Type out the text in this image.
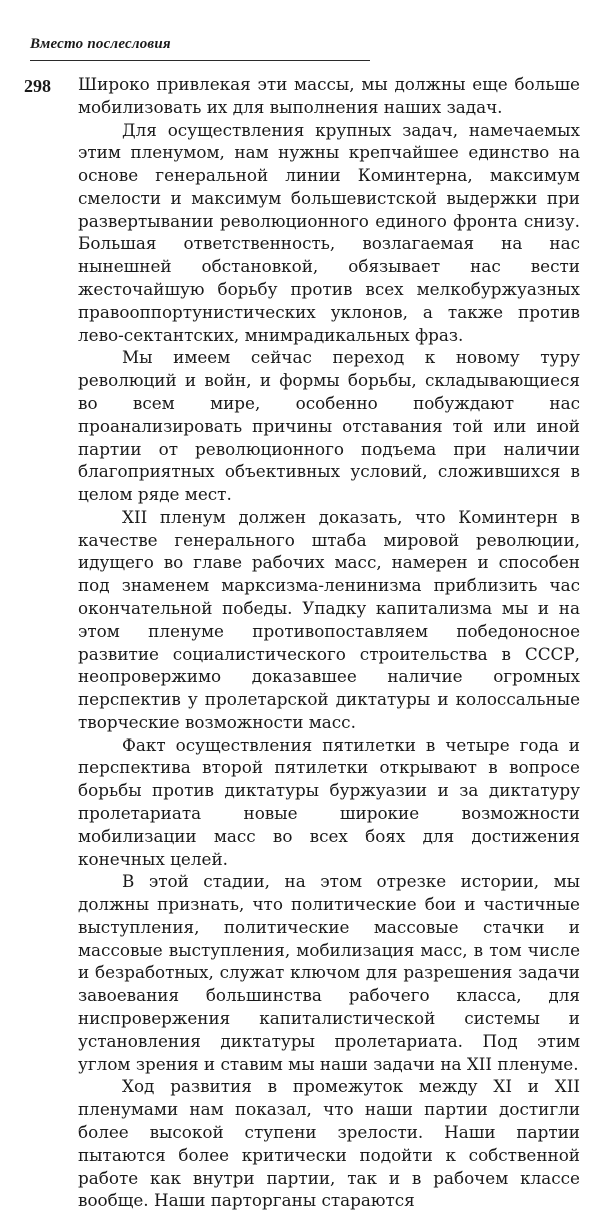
Вместо послесловия
298 Широко привлекая эти массы, мы должны еще больше мобилизовать их для выполнения наших задач.

Для осуществления крупных задач, намечаемых этим пленумом, нам нужны крепчайшее единство на основе генеральной линии Коминтерна, максимум смелости и максимум большевистской выдержки при развертывании революционного единого фронта снизу. Большая ответственность, возлагаемая на нас нынешней обстановкой, обязывает нас вести жесточайшую борьбу против всех мелкобуржуазных правооппортунистических уклонов, а также против лево-сектантских, мнимрадикальных фраз.

Мы имеем сейчас переход к новому туру революций и войн, и формы борьбы, складывающиеся во всем мире, особенно побуждают нас проанализировать причины отставания той или иной партии от революционного подъема при наличии благоприятных объективных условий, сложившихся в целом ряде мест.

XII пленум должен доказать, что Коминтерн в качестве генерального штаба мировой революции, идущего во главе рабочих масс, намерен и способен под знаменем марксизма-ленинизма приблизить час окончательной победы. Упадку капитализма мы и на этом пленуме противопоставляем победоносное развитие социалистического строительства в СССР, неопровержимо доказавшее наличие огромных перспектив у пролетарской диктатуры и колоссальные творческие возможности масс.

Факт осуществления пятилетки в четыре года и перспектива второй пятилетки открывают в вопросе борьбы против диктатуры буржуазии и за диктатуру пролетариата новые широкие возможности мобилизации масс во всех боях для достижения конечных целей.

В этой стадии, на этом отрезке истории, мы должны признать, что политические бои и частичные выступления, политические массовые стачки и массовые выступления, мобилизация масс, в том числе и безработных, служат ключом для разрешения задачи завоевания большинства рабочего класса, для ниспровержения капиталистической системы и установления диктатуры пролетариата. Под этим углом зрения и ставим мы наши задачи на XII пленуме.

Ход развития в промежуток между XI и XII пленумами нам показал, что наши партии достигли более высокой ступени зрелости. Наши партии пытаются более критически подойти к собственной работе как внутри партии, так и в рабочем классе вообще. Наши парторганы стараются
